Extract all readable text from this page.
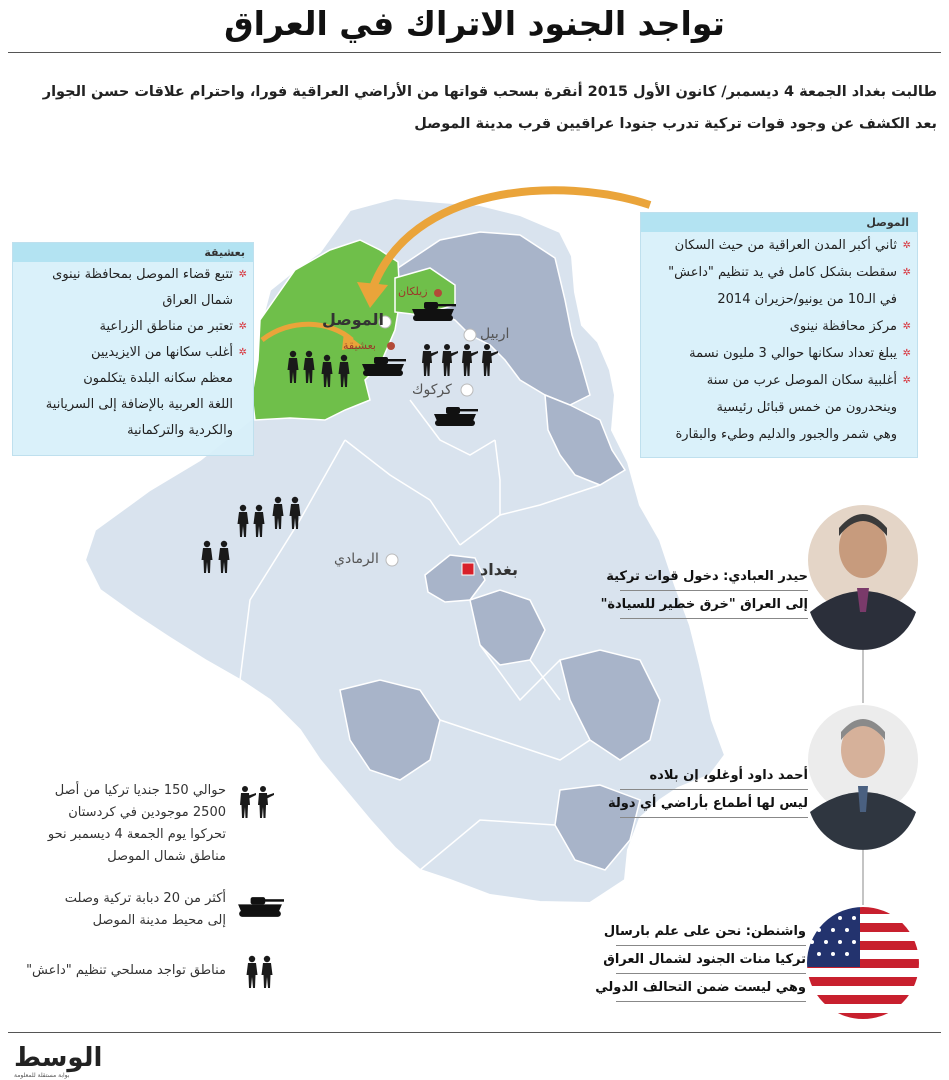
تواجد الجنود الاتراك في العراق
طالبت بغداد الجمعة 4 ديسمبر/ كانون الأول 2015 أنقرة بسحب قواتها من الأراضي العراقية فورا، واحترام علاقات حسن الجوار
بعد الكشف عن وجود قوات تركية تدرب جنودا عراقيين قرب مدينة الموصل
الموصل
✲
ثاني أكبر المدن العراقية من حيث السكان
✲
سقطت بشكل كامل في يد تنظيم "داعش"
في الـ10 من يونيو/حزيران 2014
✲
مركز محافظة نينوى
✲
يبلغ تعداد سكانها حوالي 3 مليون نسمة
✲
أغلبية سكان الموصل عرب من سنة
وينحدرون من خمس قبائل رئيسية
وهي شمر والجبور والدليم وطيء والبقارة
بعشيقة
✲
تتبع قضاء الموصل بمحافظة نينوى
شمال العراق
✲
تعتبر من مناطق الزراعية
✲
أغلب سكانها من الايزيديين
معظم سكانه البلدة يتكلمون
اللغة العربية بالإضافة إلى السريانية
والكردية والتركمانية
الموصل
بعشيقة
زيلكان
اربيل
كركوك
الرمادي
بغداد	حيدر العبادي: دخول قوات تركية
إلى العراق "خرق خطير للسيادة"
أحمد داود أوغلو، إن بلاده
ليس لها أطماع بأراضي أي دولة
واشنطن: نحن على علم بارسال
تركيا منات الجنود لشمال العراق
وهي ليست ضمن التحالف الدولي
حوالي 150 جنديا تركيا من أصل
2500 موجودين في كردستان
تحركوا يوم الجمعة 4 ديسمبر نحو
مناطق شمال الموصل
أكثر من 20 دبابة تركية وصلت
إلى محيط مدينة الموصل
مناطق تواجد مسلحي تنظيم "داعش"
الوسط
بوابة مستقلة للمعلومة
